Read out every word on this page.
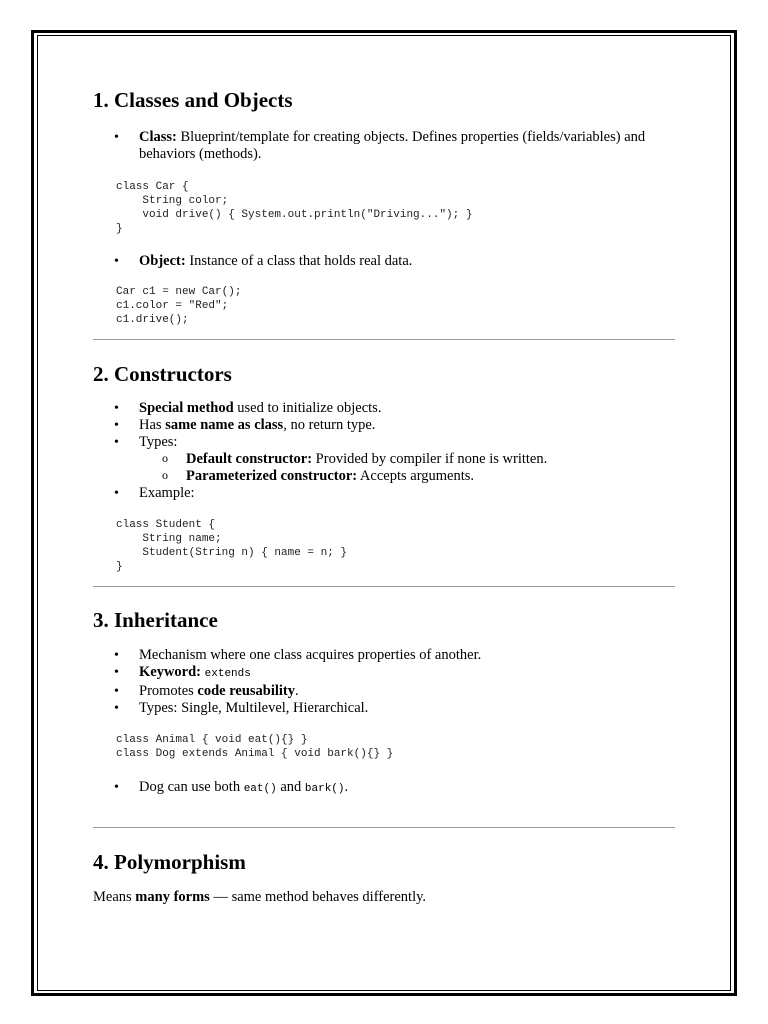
1. Classes and Objects
• Class: Blueprint/template for creating objects. Defines properties (fields/variables) and behaviors (methods).
class Car {
String color;
void drive() { System.out.println("Driving..."); }
}
• Object: Instance of a class that holds real data.
Car c1 = new Car();
c1.color = "Red";
c1.drive();
2. Constructors
• Special method used to initialize objects.
• Has same name as class, no return type.
• Types:
o Default constructor: Provided by compiler if none is written.
o Parameterized constructor: Accepts arguments.
• Example:
class Student {
String name;
Student(String n) { name = n; }
}
3. Inheritance
• Mechanism where one class acquires properties of another.
• Keyword: extends
• Promotes code reusability.
• Types: Single, Multilevel, Hierarchical.
class Animal { void eat(){} }
class Dog extends Animal { void bark(){} }
• Dog can use both eat() and bark().
4. Polymorphism

Means many forms — same method behaves differently.
